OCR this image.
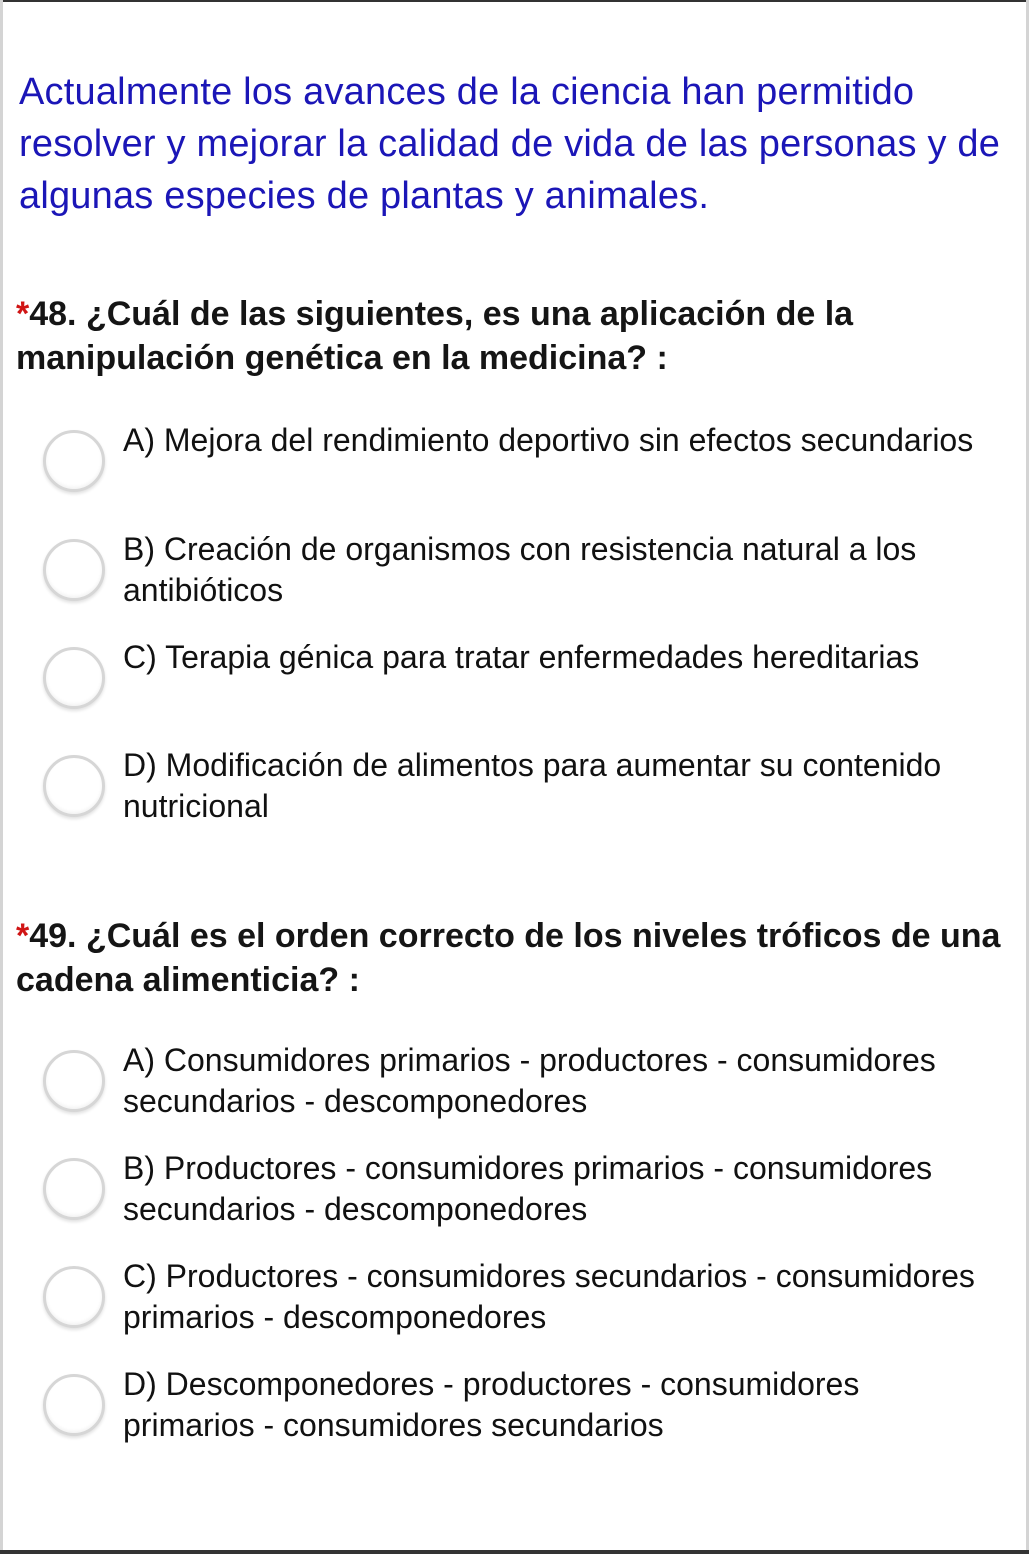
Actualmente los avances de la ciencia han permitido resolver y mejorar la calidad de vida de las personas y de algunas especies de plantas y animales.

*48. ¿Cuál de las siguientes, es una aplicación de la manipulación genética en la medicina? :
A) Mejora del rendimiento deportivo sin efectos secundarios
B) Creación de organismos con resistencia natural a los antibióticos
C) Terapia génica para tratar enfermedades hereditarias
D) Modificación de alimentos para aumentar su contenido nutricional
*49. ¿Cuál es el orden correcto de los niveles tróficos de una cadena alimenticia? :
A) Consumidores primarios - productores - consumidores secundarios - descomponedores
B) Productores - consumidores primarios - consumidores secundarios - descomponedores
C) Productores - consumidores secundarios - consumidores primarios - descomponedores
D) Descomponedores - productores - consumidores primarios - consumidores secundarios
